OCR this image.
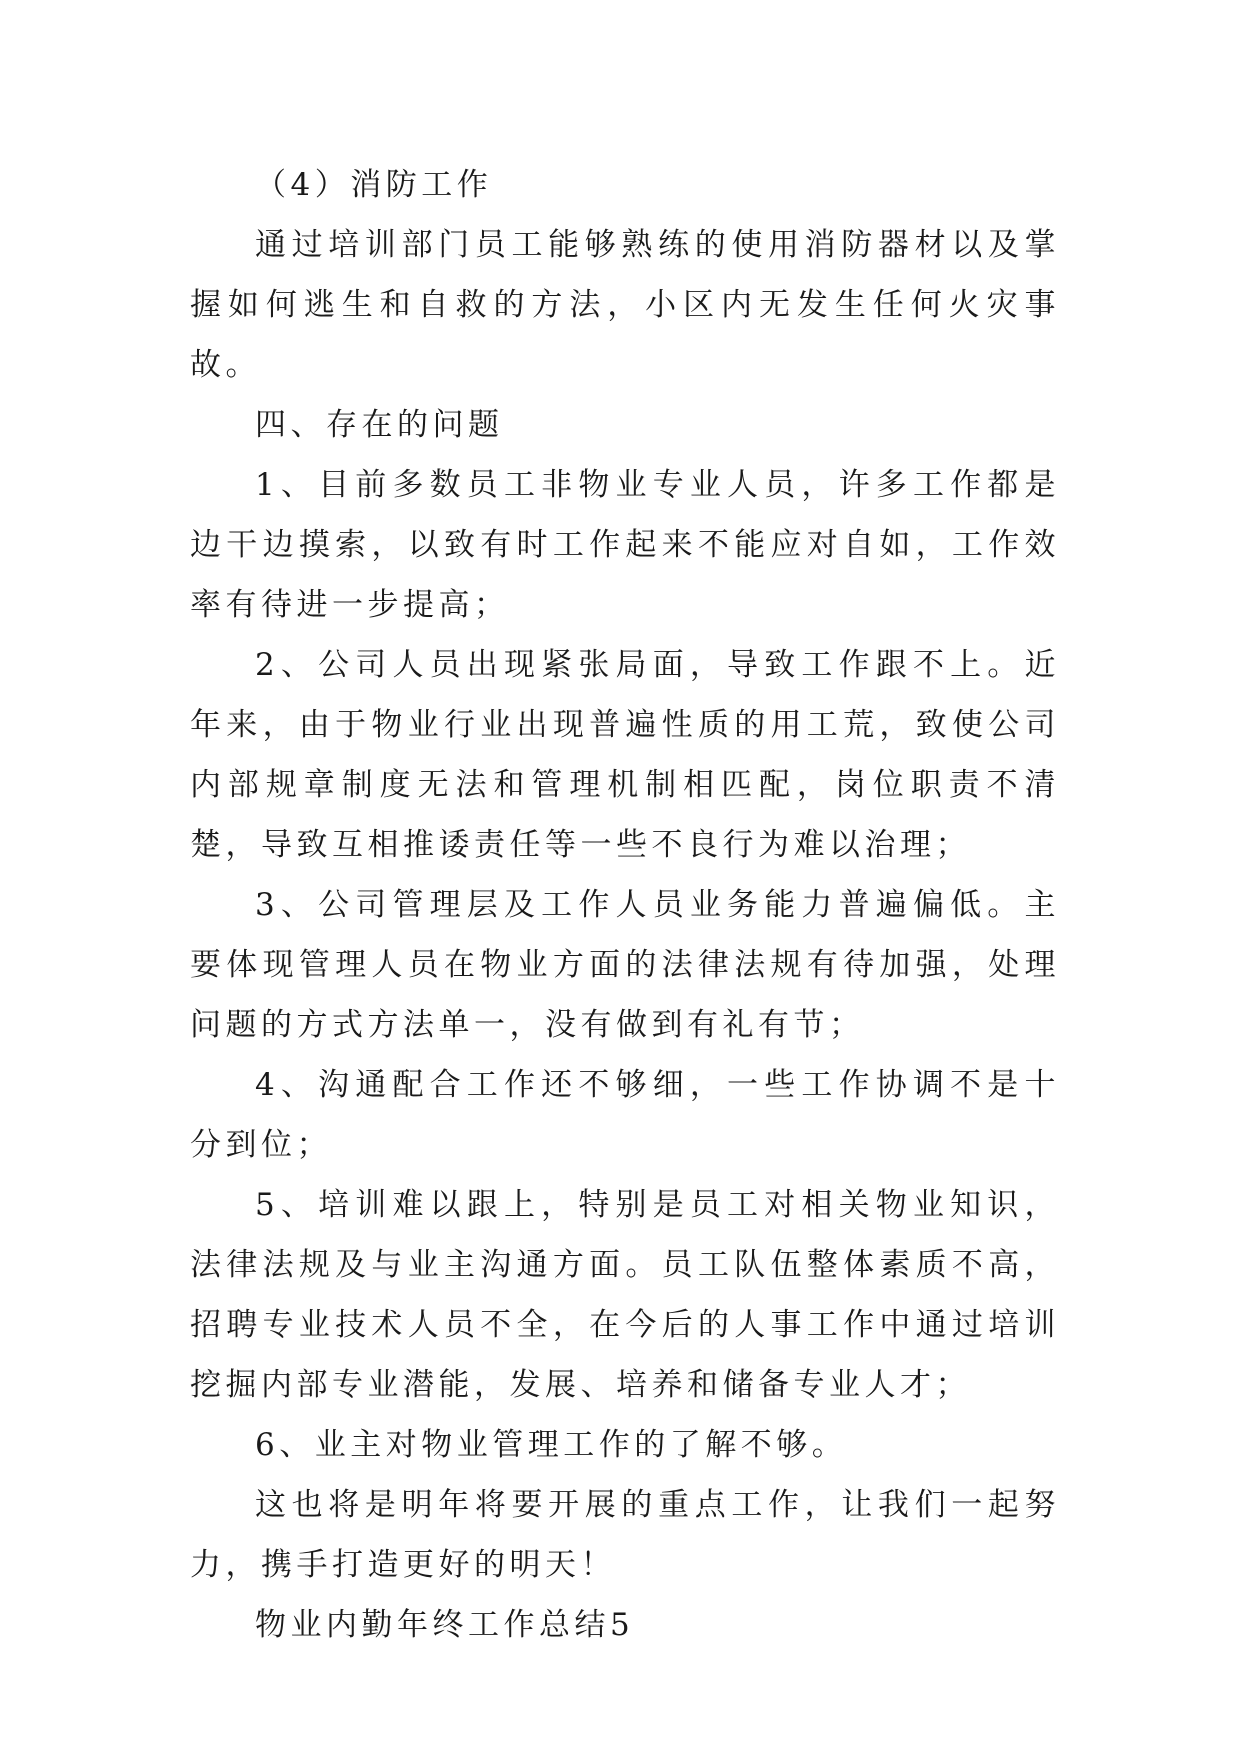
（4）消防工作

通过培训部门员工能够熟练的使用消防器材以及掌握如何逃生和自救的方法，小区内无发生任何火灾事故。

四、存在的问题

1、目前多数员工非物业专业人员，许多工作都是边干边摸索，以致有时工作起来不能应对自如，工作效率有待进一步提高；

2、公司人员出现紧张局面，导致工作跟不上。近年来，由于物业行业出现普遍性质的用工荒，致使公司内部规章制度无法和管理机制相匹配，岗位职责不清楚，导致互相推诿责任等一些不良行为难以治理；

3、公司管理层及工作人员业务能力普遍偏低。主要体现管理人员在物业方面的法律法规有待加强，处理问题的方式方法单一，没有做到有礼有节；

4、沟通配合工作还不够细，一些工作协调不是十分到位；

5、培训难以跟上，特别是员工对相关物业知识，法律法规及与业主沟通方面。员工队伍整体素质不高，招聘专业技术人员不全，在今后的人事工作中通过培训挖掘内部专业潜能，发展、培养和储备专业人才；

6、业主对物业管理工作的了解不够。

这也将是明年将要开展的重点工作，让我们一起努力，携手打造更好的明天！

物业内勤年终工作总结5
